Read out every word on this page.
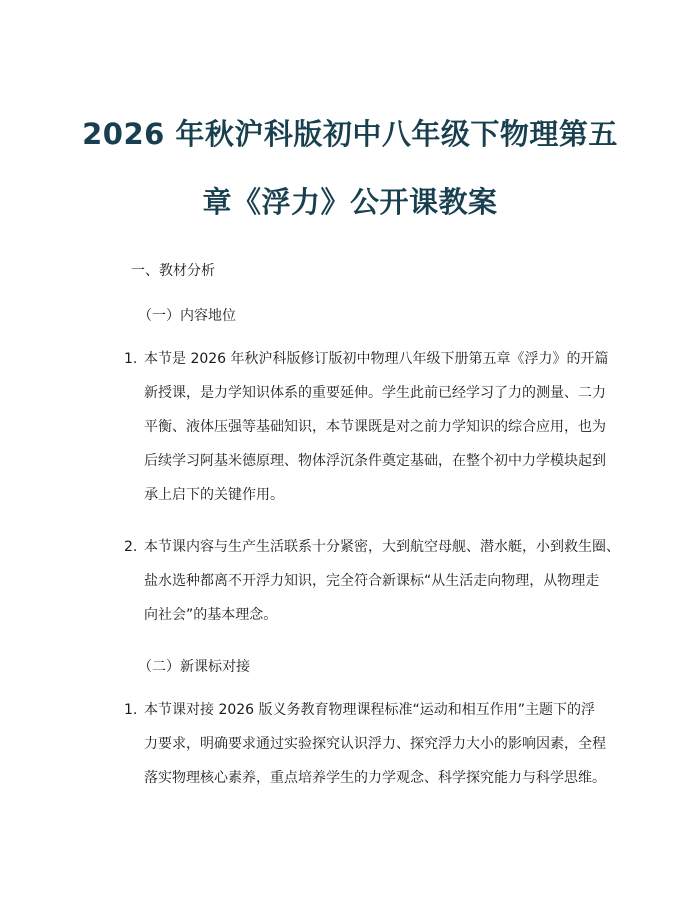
2026 年秋沪科版初中八年级下物理第五
章《浮力》公开课教案
一、教材分析
（一）内容地位
1. 本节是 2026 年秋沪科版修订版初中物理八年级下册第五章《浮力》的开篇
新授课，是力学知识体系的重要延伸。学生此前已经学习了力的测量、二力
平衡、液体压强等基础知识，本节课既是对之前力学知识的综合应用，也为
后续学习阿基米德原理、物体浮沉条件奠定基础，在整个初中力学模块起到
承上启下的关键作用。
2. 本节课内容与生产生活联系十分紧密，大到航空母舰、潜水艇，小到救生圈、
盐水选种都离不开浮力知识，完全符合新课标“从生活走向物理，从物理走
向社会”的基本理念。
（二）新课标对接
1. 本节课对接 2026 版义务教育物理课程标准“运动和相互作用”主题下的浮
力要求，明确要求通过实验探究认识浮力、探究浮力大小的影响因素，全程
落实物理核心素养，重点培养学生的力学观念、科学探究能力与科学思维。
